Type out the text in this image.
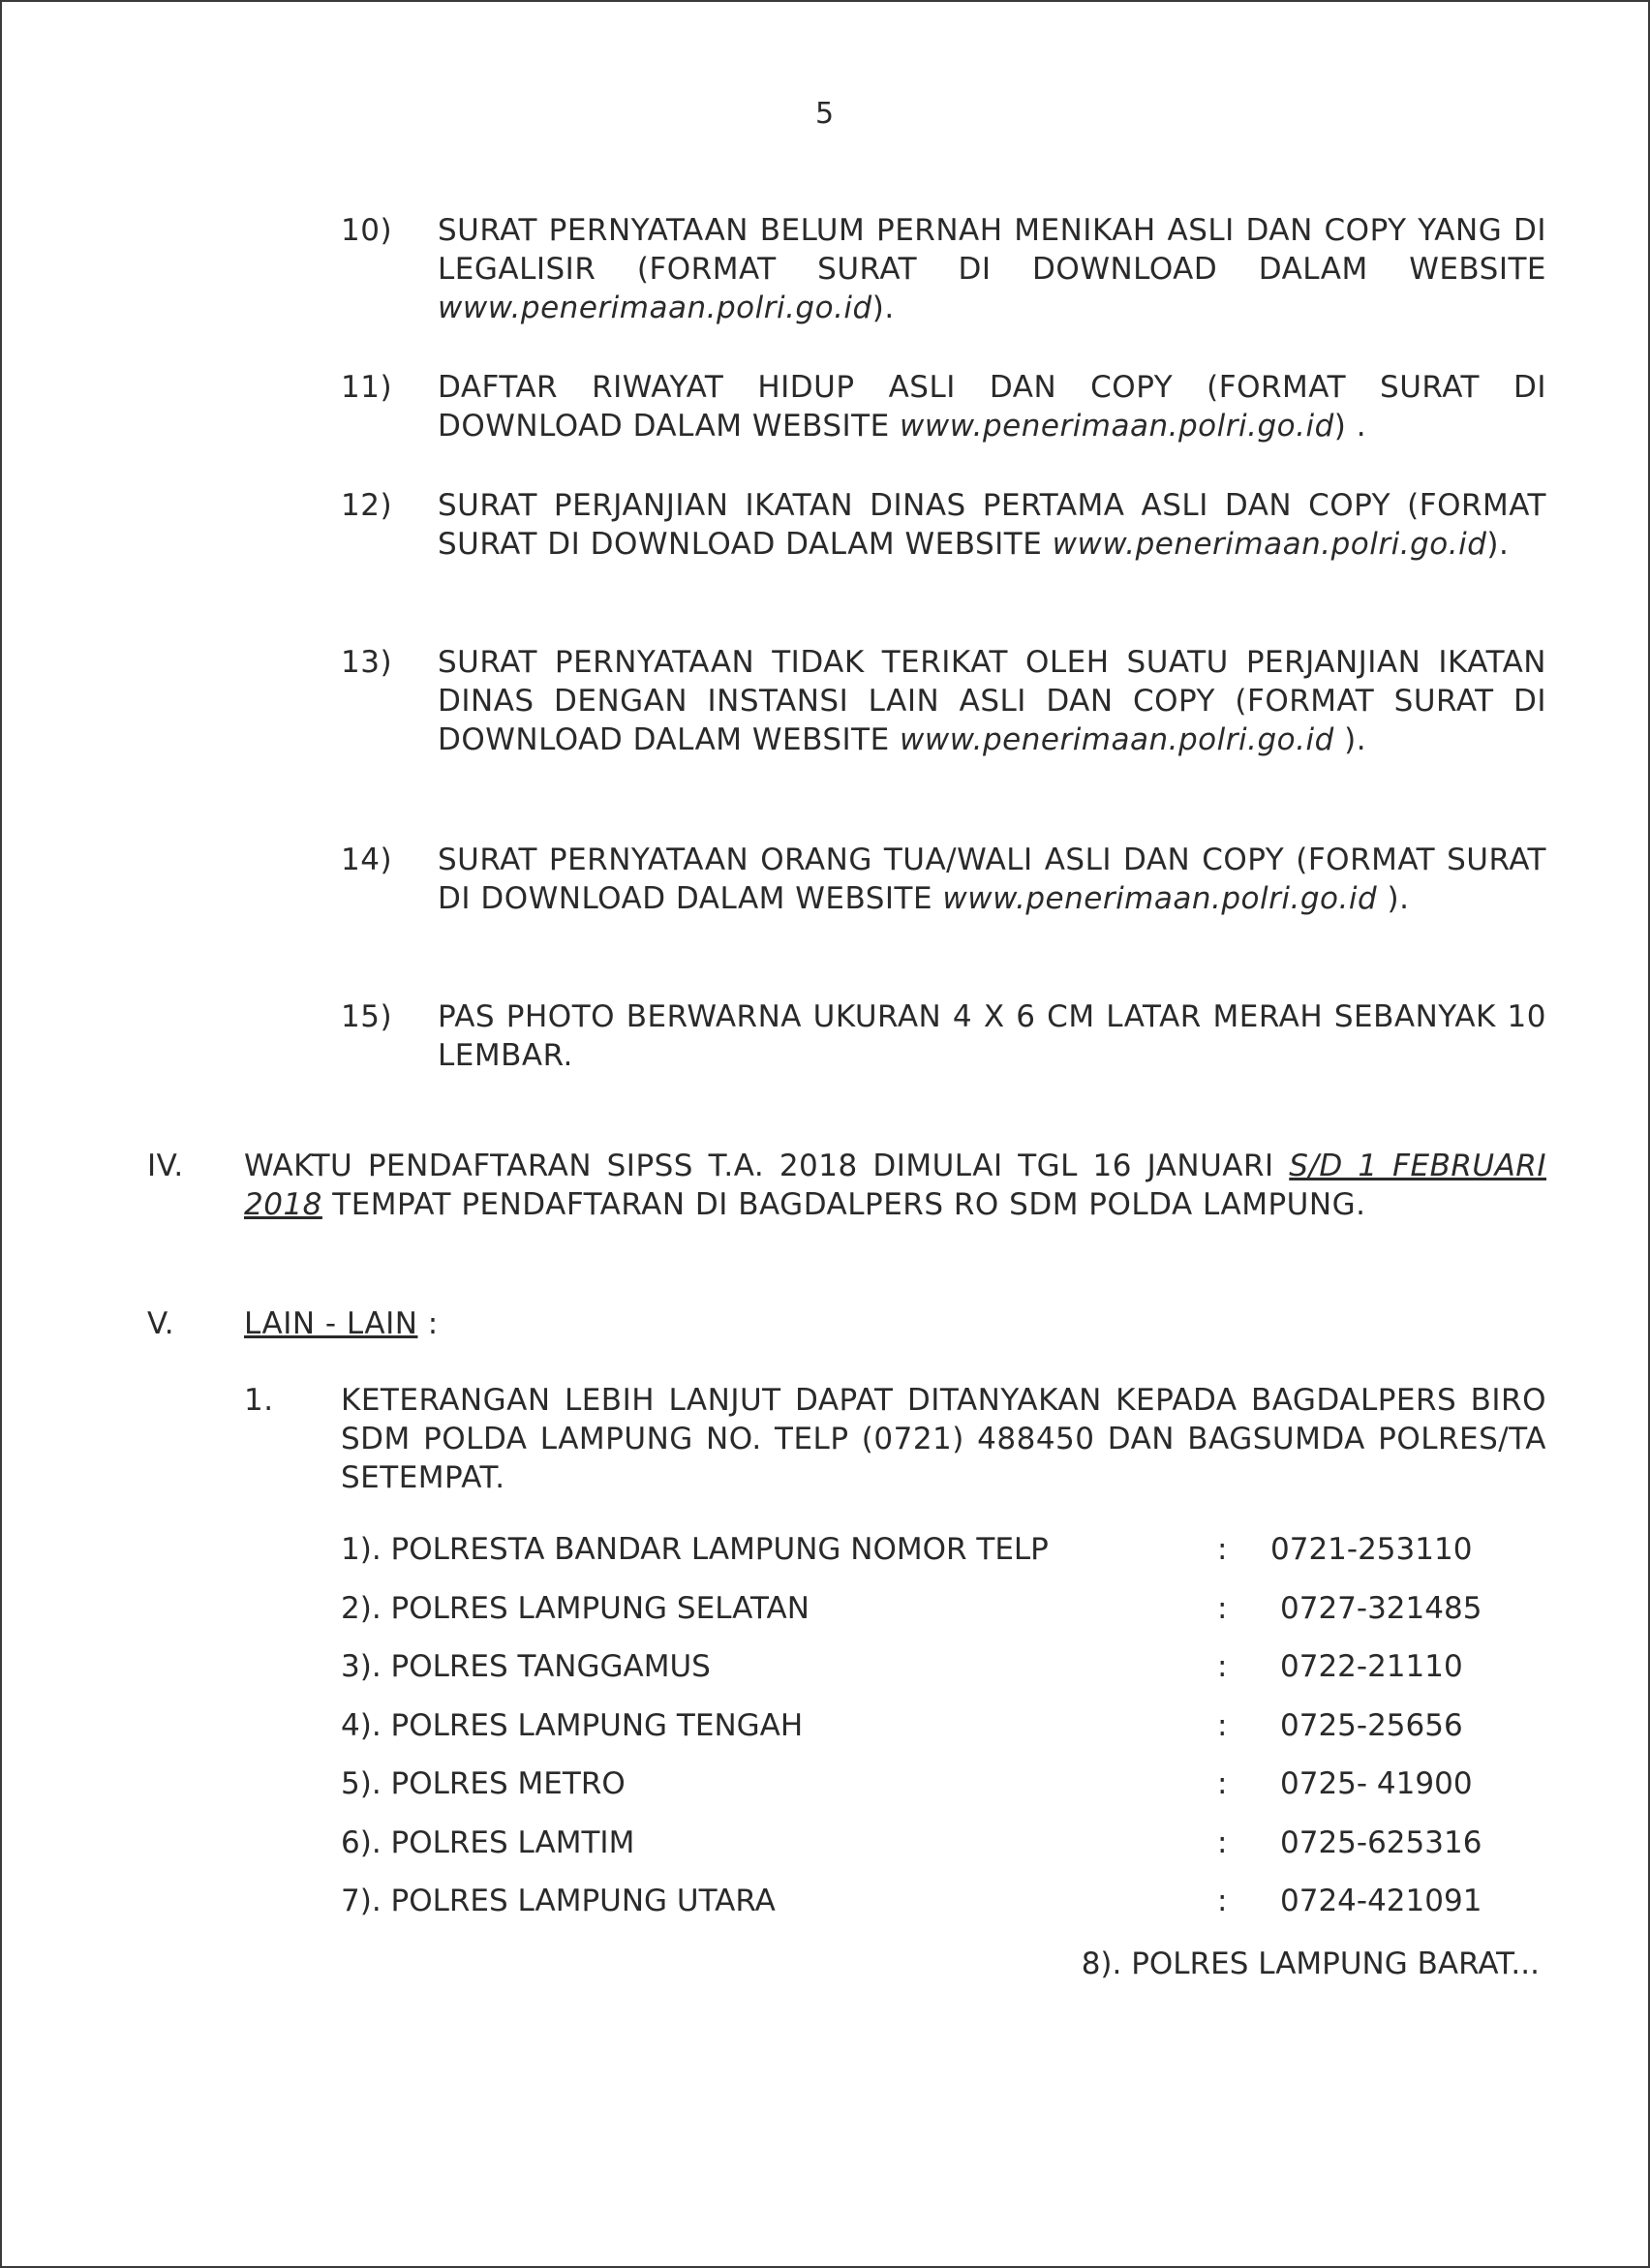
5
10) SURAT PERNYATAAN BELUM PERNAH MENIKAH ASLI DAN COPY YANG DI LEGALISIR (FORMAT SURAT DI DOWNLOAD DALAM WEBSITE www.penerimaan.polri.go.id).
11) DAFTAR RIWAYAT HIDUP ASLI DAN COPY (FORMAT SURAT DI DOWNLOAD DALAM WEBSITE www.penerimaan.polri.go.id) .
12) SURAT PERJANJIAN IKATAN DINAS PERTAMA ASLI DAN COPY (FORMAT SURAT DI DOWNLOAD DALAM WEBSITE www.penerimaan.polri.go.id).
13) SURAT PERNYATAAN TIDAK TERIKAT OLEH SUATU PERJANJIAN IKATAN DINAS DENGAN INSTANSI LAIN ASLI DAN COPY (FORMAT SURAT DI DOWNLOAD DALAM WEBSITE www.penerimaan.polri.go.id ).
14) SURAT PERNYATAAN ORANG TUA/WALI ASLI DAN COPY (FORMAT SURAT DI DOWNLOAD DALAM WEBSITE www.penerimaan.polri.go.id ).
15) PAS PHOTO BERWARNA UKURAN 4 X 6 CM LATAR MERAH SEBANYAK 10 LEMBAR.
IV. WAKTU PENDAFTARAN SIPSS T.A. 2018 DIMULAI TGL 16 JANUARI S/D 1 FEBRUARI 2018 TEMPAT PENDAFTARAN DI BAGDALPERS RO SDM POLDA LAMPUNG.
V. LAIN - LAIN :
1. KETERANGAN LEBIH LANJUT DAPAT DITANYAKAN KEPADA BAGDALPERS BIRO SDM POLDA LAMPUNG NO. TELP (0721) 488450 DAN BAGSUMDA POLRES/TA SETEMPAT.
1). POLRESTA BANDAR LAMPUNG NOMOR TELP	: 0721-253110
2). POLRES LAMPUNG SELATAN	: 0727-321485
3). POLRES TANGGAMUS	: 0722-21110
4). POLRES LAMPUNG TENGAH	: 0725-25656
5). POLRES METRO	: 0725- 41900
6). POLRES LAMTIM	: 0725-625316
7). POLRES LAMPUNG UTARA	: 0724-421091
8). POLRES LAMPUNG BARAT...
